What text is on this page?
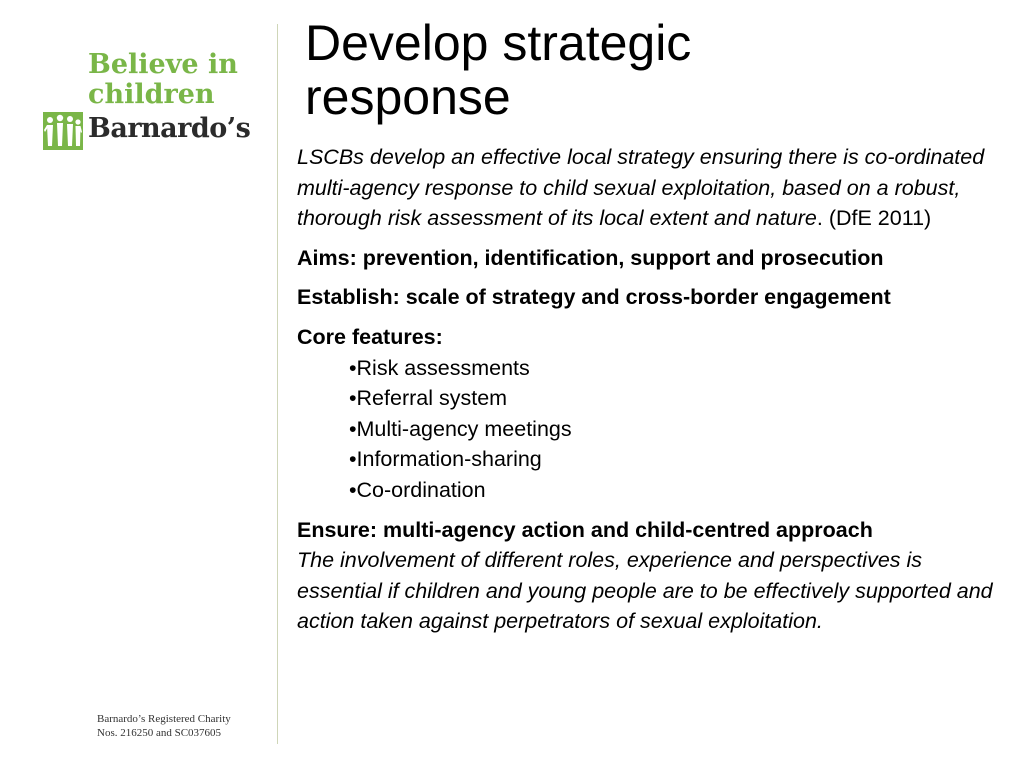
Believe in
children
Barnardo’s
Barnardo’s Registered Charity
Nos. 216250 and SC037605
Develop strategic
response

LSCBs develop an effective local strategy ensuring there is co-ordinated multi-agency response to child sexual exploitation, based on a robust, thorough risk assessment of its local extent and nature. (DfE 2011)

Aims: prevention, identification, support and prosecution

Establish: scale of strategy and cross-border engagement

Core features:

•Risk assessments
•Referral system
•Multi-agency meetings
•Information-sharing
•Co-ordination

Ensure: multi-agency action and child-centred approach
The involvement of different roles, experience and perspectives is essential if children and young people are to be effectively supported and action taken against perpetrators of sexual exploitation.
